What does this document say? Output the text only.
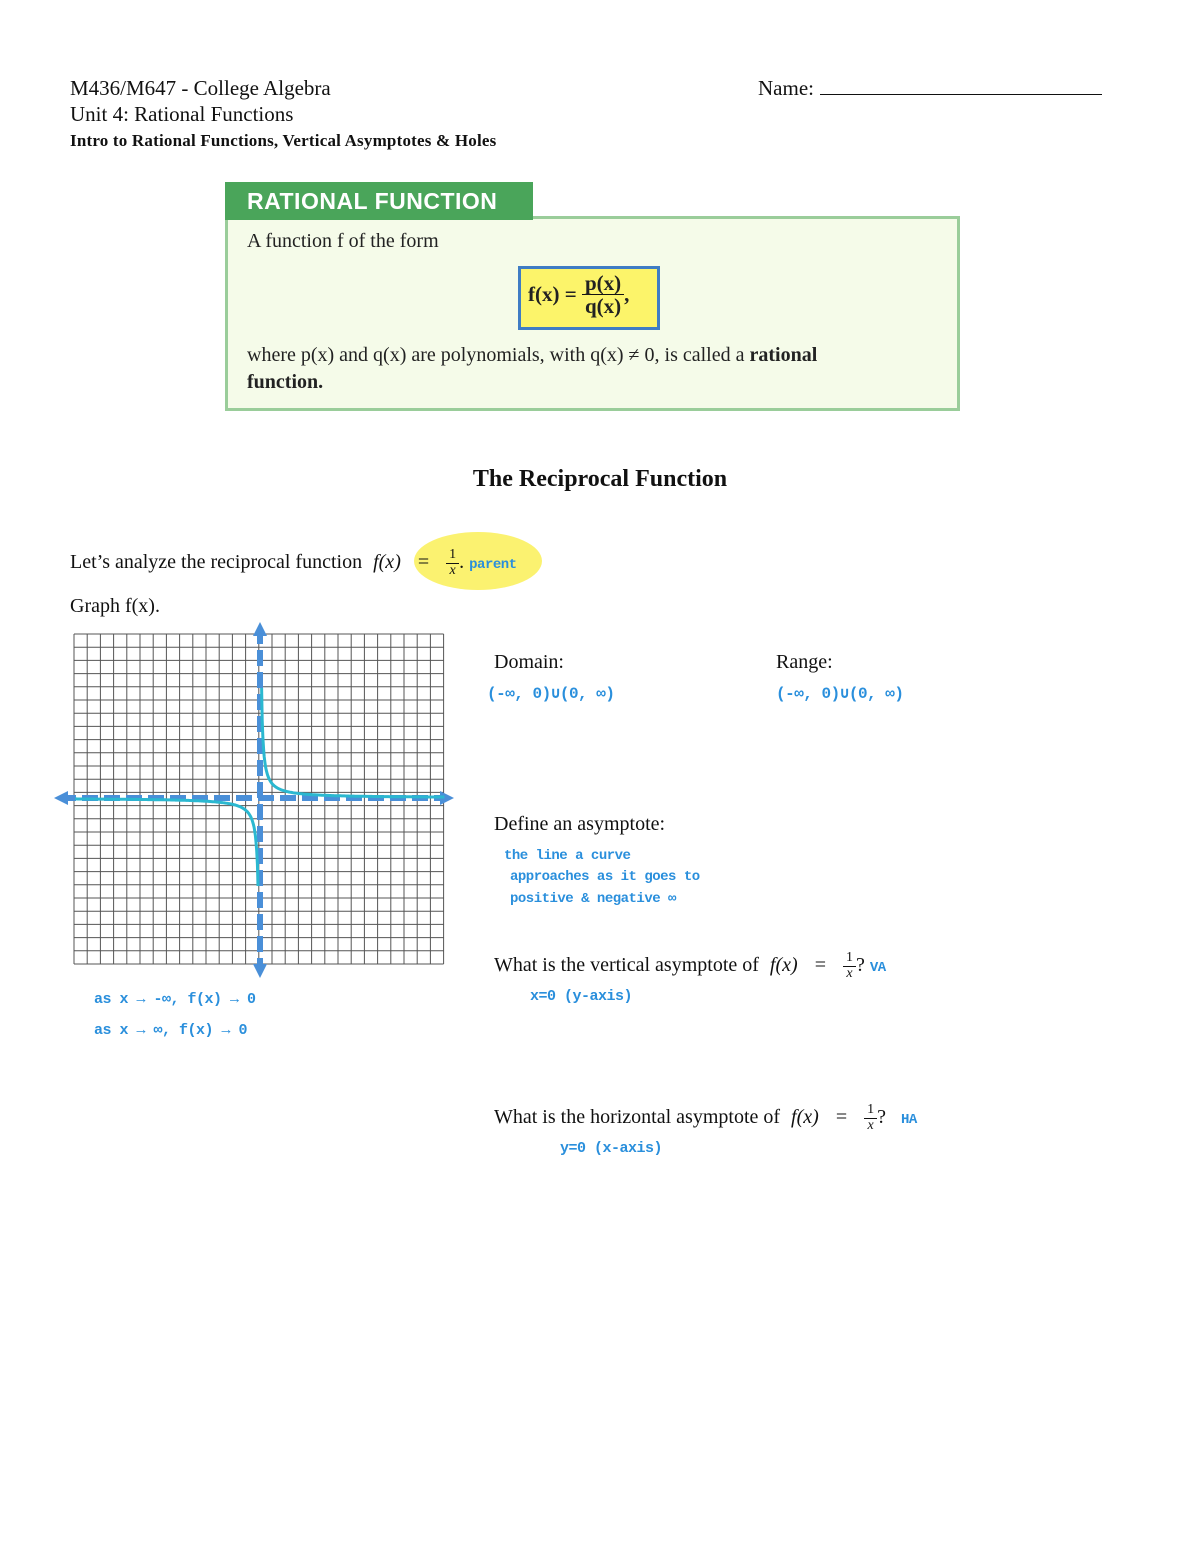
M436/M647 - College Algebra
Unit 4: Rational Functions
Intro to Rational Functions, Vertical Asymptotes & Holes
Name:
RATIONAL FUNCTION
A function f of the form
$f(x) = \frac{p(x)}{q(x)}$ ,
where p(x) and q(x) are polynomials, with q(x) ≠ 0, is called a rational
function.
The Reciprocal Function
Let’s analyze the reciprocal function $f(x) = \frac{1}{x}$ . parent
Graph f(x).
as x → -∞, f(x) → 0
as x → ∞, f(x) → 0
Domain:
(-∞, 0)∪(0, ∞)
Range:
(-∞, 0)∪(0, ∞)
Define an asymptote:
the line a curve
approaches as it goes to
positive & negative ∞
What is the vertical asymptote of $f(x) = \frac{1}{x}$ ? VA
x=0 (y-axis)
What is the horizontal asymptote of $f(x) = \frac{1}{x}$ ? HA
y=0 (x-axis)
